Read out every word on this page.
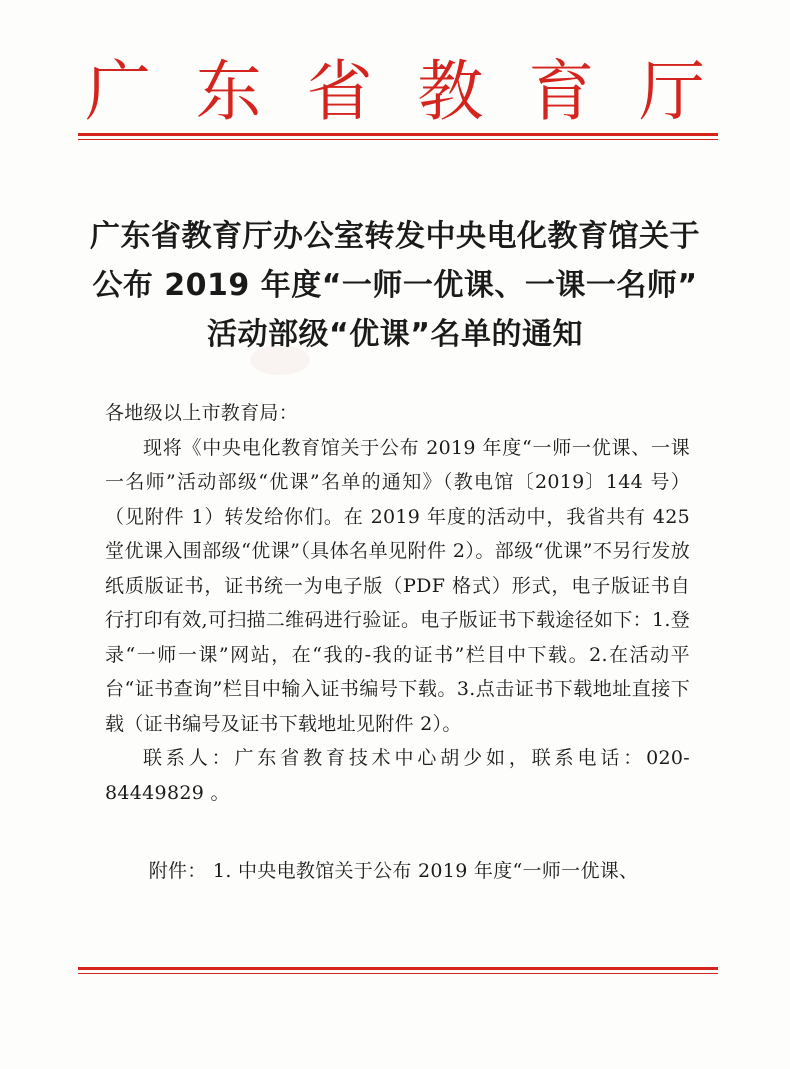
广 东 省 教 育 厅
广东省教育厅办公室转发中央电化教育馆关于
公布 2019 年度“一师一优课、一课一名师”
活动部级“优课”名单的通知

各地级以上市教育局：

现将《中央电化教育馆关于公布 2019 年度“一师一优课、一课一名师”活动部级“优课”名单的通知》（教电馆〔2019〕144 号）（见附件 1）转发给你们。在 2019 年度的活动中，我省共有 425 堂优课入围部级“优课”（具体名单见附件 2）。部级“优课”不另行发放纸质版证书，证书统一为电子版（PDF 格式）形式，电子版证书自行打印有效,可扫描二维码进行验证。电子版证书下载途径如下：1.登录“一师一课”网站，在“我的-我的证书”栏目中下载。2.在活动平台“证书查询”栏目中输入证书编号下载。3.点击证书下载地址直接下载（证书编号及证书下载地址见附件 2）。

联系人：广东省教育技术中心胡少如，联系电话：020-84449829 。

附件： 1. 中央电教馆关于公布 2019 年度“一师一优课、
